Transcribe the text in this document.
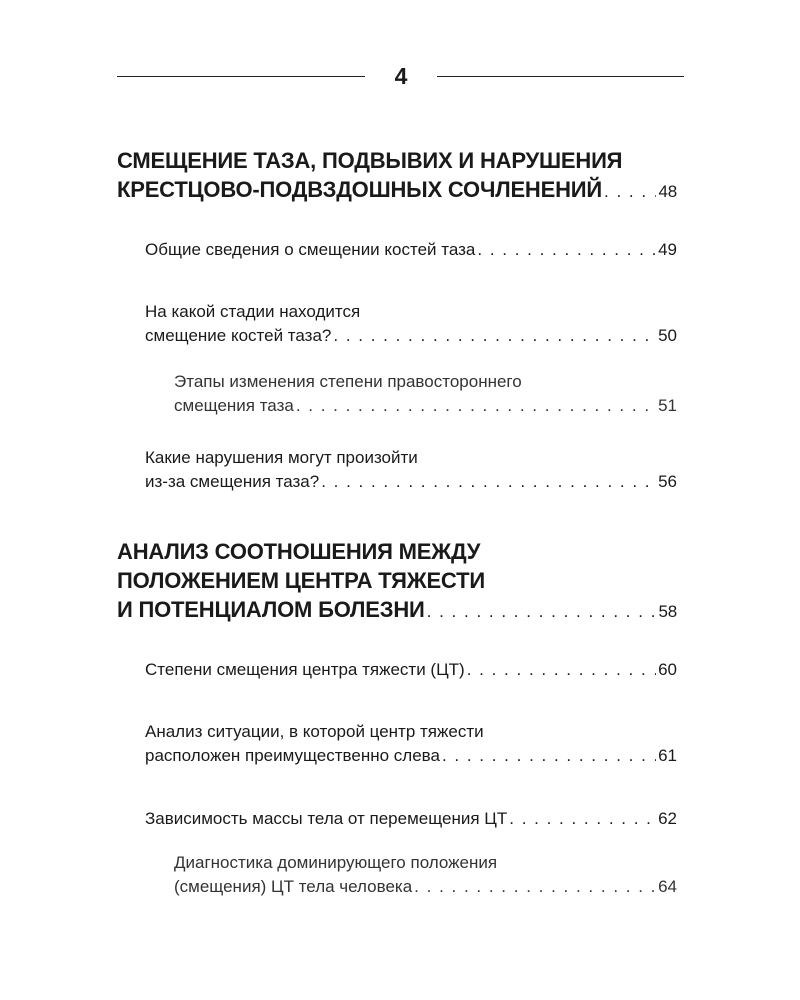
4
СМЕЩЕНИЕ ТАЗА, ПОДВЫВИХ И НАРУШЕНИЯ
КРЕСТЦОВО-ПОДВЗДОШНЫХ СОЧЛЕНЕНИЙ . . .	48
Общие сведения о смещении костей таза . . .	49
На какой стадии находится
смещение костей таза? . . .	50
Этапы изменения степени правостороннего
смещения таза . . .	51
Какие нарушения могут произойти
из-за смещения таза? . . .	56
АНАЛИЗ СООТНОШЕНИЯ МЕЖДУ
ПОЛОЖЕНИЕМ ЦЕНТРА ТЯЖЕСТИ
И ПОТЕНЦИАЛОМ БОЛЕЗНИ . . .	58
Степени смещения центра тяжести (ЦТ) . . .	60
Анализ ситуации, в которой центр тяжести
расположен преимущественно слева . . .	61
Зависимость массы тела от перемещения ЦТ . . .	62
Диагностика доминирующего положения
(смещения) ЦТ тела человека . . .	64
